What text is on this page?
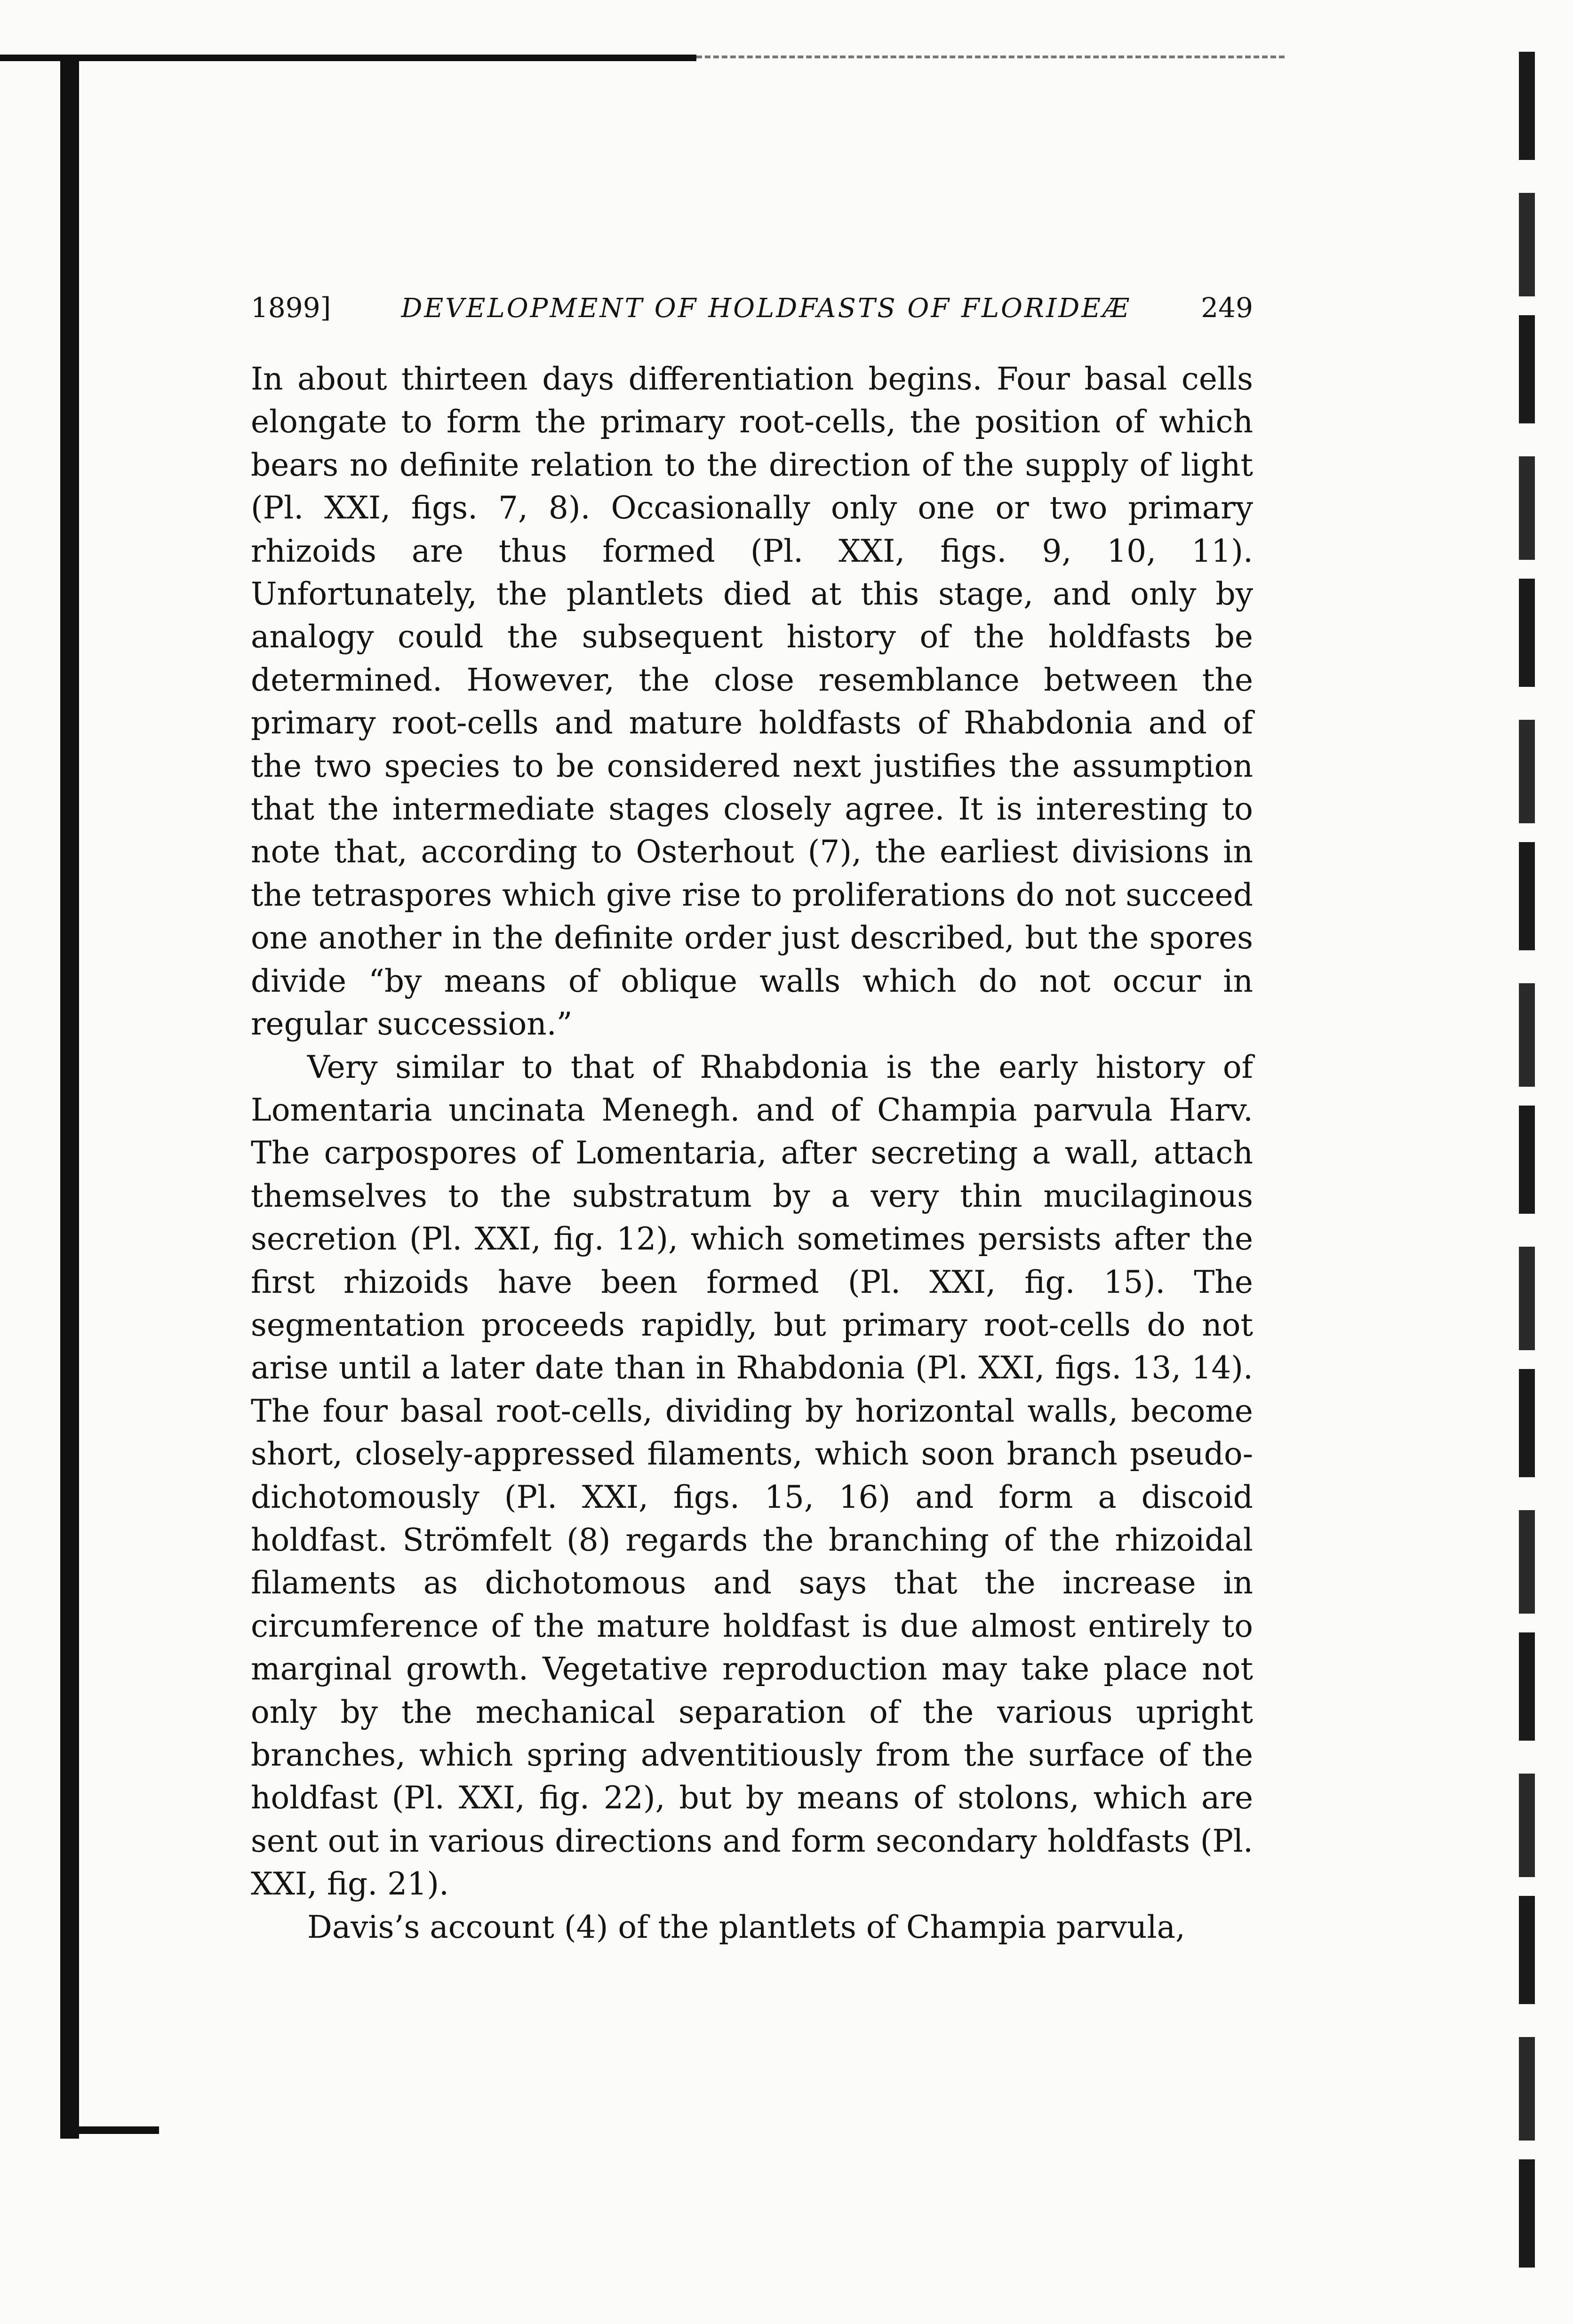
1899]	DEVELOPMENT OF HOLDFASTS OF FLORIDEÆ	249

In about thirteen days differentiation begins. Four basal cells elongate to form the primary root-cells, the position of which bears no definite relation to the direction of the supply of light (Pl. XXI, figs. 7, 8). Occasionally only one or two primary rhizoids are thus formed (Pl. XXI, figs. 9, 10, 11). Unfortunately, the plantlets died at this stage, and only by analogy could the subsequent history of the holdfasts be determined. However, the close resemblance between the primary root-cells and mature holdfasts of Rhabdonia and of the two species to be considered next justifies the assumption that the intermediate stages closely agree. It is interesting to note that, according to Osterhout (7), the earliest divisions in the tetraspores which give rise to proliferations do not succeed one another in the definite order just described, but the spores divide “by means of oblique walls which do not occur in regular succession.”

Very similar to that of Rhabdonia is the early history of Lomentaria uncinata Menegh. and of Champia parvula Harv. The carpospores of Lomentaria, after secreting a wall, attach themselves to the substratum by a very thin mucilaginous secretion (Pl. XXI, fig. 12), which sometimes persists after the first rhizoids have been formed (Pl. XXI, fig. 15). The segmentation proceeds rapidly, but primary root-cells do not arise until a later date than in Rhabdonia (Pl. XXI, figs. 13, 14). The four basal root-cells, dividing by horizontal walls, become short, closely-appressed filaments, which soon branch pseudo-dichotomously (Pl. XXI, figs. 15, 16) and form a discoid holdfast. Strömfelt (8) regards the branching of the rhizoidal filaments as dichotomous and says that the increase in circumference of the mature holdfast is due almost entirely to marginal growth. Vegetative reproduction may take place not only by the mechanical separation of the various upright branches, which spring adventitiously from the surface of the holdfast (Pl. XXI, fig. 22), but by means of stolons, which are sent out in various directions and form secondary holdfasts (Pl. XXI, fig. 21).

Davis’s account (4) of the plantlets of Champia parvula,
